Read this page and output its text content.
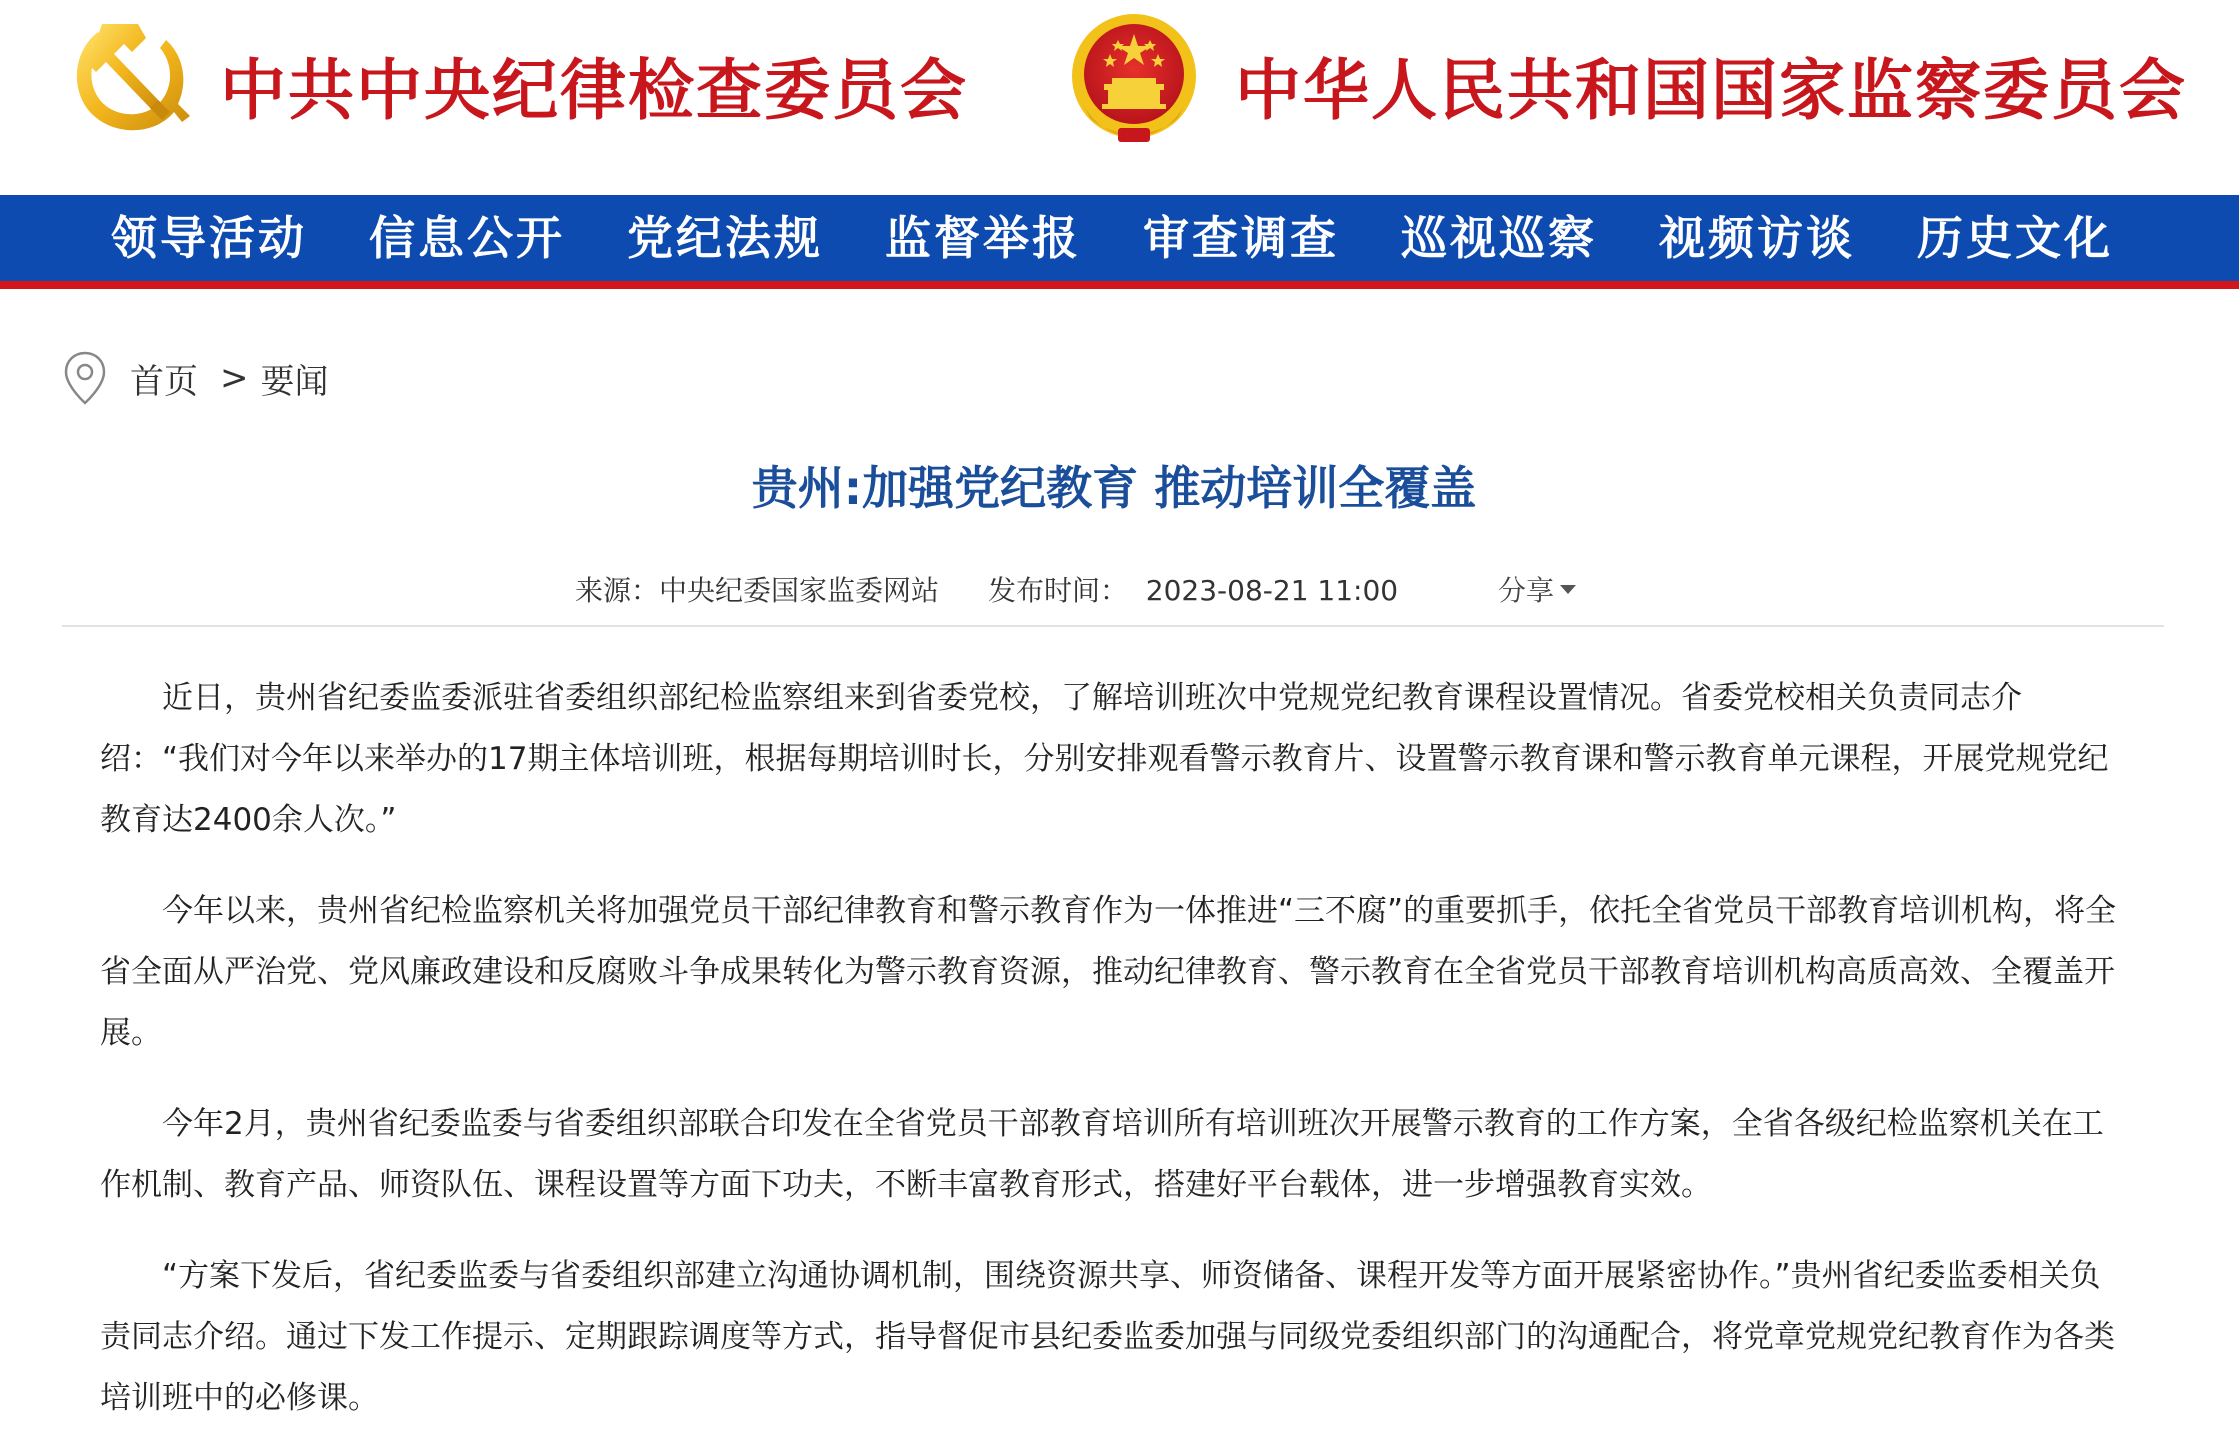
中共中央纪律检查委员会	中华人民共和国国家监察委员会
领导活动	信息公开	党纪法规	监督举报	审查调查	巡视巡察	视频访谈	历史文化
首页 > 要闻
贵州:加强党纪教育 推动培训全覆盖
来源：中央纪委国家监委网站 发布时间：  2023-08-21 11:00	分享

近日，贵州省纪委监委派驻省委组织部纪检监察组来到省委党校，了解培训班次中党规党纪教育课程设置情况。省委党校相关负责同志介绍：“我们对今年以来举办的17期主体培训班，根据每期培训时长，分别安排观看警示教育片、设置警示教育课和警示教育单元课程，开展党规党纪教育达2400余人次。”

今年以来，贵州省纪检监察机关将加强党员干部纪律教育和警示教育作为一体推进“三不腐”的重要抓手，依托全省党员干部教育培训机构，将全省全面从严治党、党风廉政建设和反腐败斗争成果转化为警示教育资源，推动纪律教育、警示教育在全省党员干部教育培训机构高质高效、全覆盖开展。

今年2月，贵州省纪委监委与省委组织部联合印发在全省党员干部教育培训所有培训班次开展警示教育的工作方案，全省各级纪检监察机关在工作机制、教育产品、师资队伍、课程设置等方面下功夫，不断丰富教育形式，搭建好平台载体，进一步增强教育实效。

“方案下发后，省纪委监委与省委组织部建立沟通协调机制，围绕资源共享、师资储备、课程开发等方面开展紧密协作。”贵州省纪委监委相关负责同志介绍。通过下发工作提示、定期跟踪调度等方式，指导督促市县纪委监委加强与同级党委组织部门的沟通配合，将党章党规党纪教育作为各类培训班中的必修课。
